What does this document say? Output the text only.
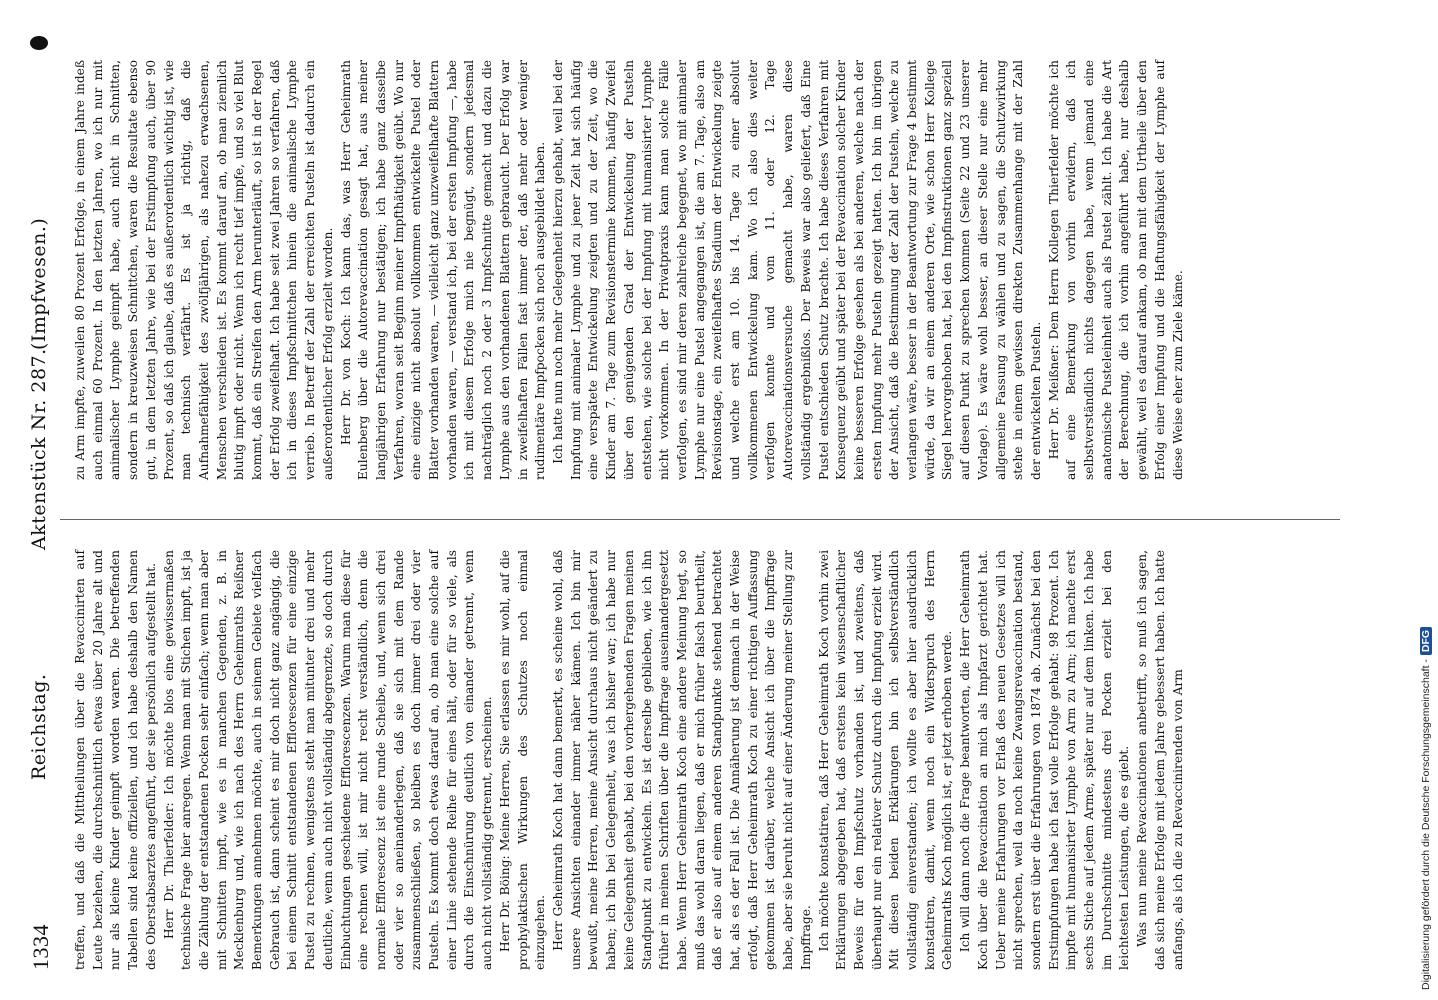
1334
Reichstag.
Aktenstück Nr. 287.
(Impfwesen.)
treffen, und daß die Mittheilungen über die Revaccinirten auf Leute beziehen, die durchschnittlich etwas über 20 Jahre alt und nur als kleine Kinder geimpft worden waren. Die betreffenden Tabellen sind keine offiziellen, und ich habe deshalb den Namen des Oberstabsarztes angeführt, der sie persönlich aufgestellt hat.
Herr Dr. Thierfelder: Ich möchte blos eine gewissermaßen technische Frage hier anregen. Wenn man mit Stichen impft, ist ja die Zählung der entstandenen Pocken sehr einfach; wenn man aber mit Schnitten impft, wie es in manchen Gegenden, z. B. in Mecklenburg und, wie ich nach des Herrn Geheimraths Reißner Bemerkungen annehmen möchte, auch in seinem Gebiete vielfach Gebrauch ist, dann scheint es mir doch nicht ganz angängig, die bei einem Schnitt entstandenen Efflorescenzen für eine einzige Pustel zu rechnen, wenigstens steht man mitunter drei und mehr deutliche, wenn auch nicht vollständig abgegrenzte, so doch durch Einbuchtungen geschiedene Efflorescenzen. Warum man diese für eine rechnen will, ist mir nicht recht verständlich, denn die normale Efflorescenz ist eine runde Scheibe, und, wenn sich drei oder vier so aneinanderlegen, daß sie sich mit dem Rande zusammenschließen, so bleiben es doch immer drei oder vier Pusteln. Es kommt doch etwas darauf an, ob man eine solche auf einer Linie stehende Reihe für eines hält, oder für so viele, als durch die Einschnürung deutlich von einander getrennt, wenn auch nicht vollständig getrennt, erscheinen.
Herr Dr. Böing: Meine Herren, Sie erlassen es mir wohl, auf die prophylaktischen Wirkungen des Schutzes noch einmal einzugehen.
Herr Geheimrath Koch hat dann bemerkt, es scheine wohl, daß unsere Ansichten einander immer näher kämen. Ich bin mir bewußt, meine Herren, meine Ansicht durchaus nicht geändert zu haben; ich bin bei Gelegenheit, was ich bisher war; ich habe nur keine Gelegenheit gehabt, bei den vorhergehenden Fragen meinen Standpunkt zu entwickeln. Es ist derselbe geblieben, wie ich ihn früher in meinen Schriften über die Impffrage auseinandergesetzt habe. Wenn Herr Geheimrath Koch eine andere Meinung hegt, so muß das wohl daran liegen, daß er mich früher falsch beurtheilt, daß er also auf einem anderen Standpunkte stehend betrachtet hat, als es der Fall ist. Die Annäherung ist demnach in der Weise erfolgt, daß Herr Geheimrath Koch zu einer richtigen Auffassung gekommen ist darüber, welche Ansicht ich über die Impffrage habe, aber sie beruht nicht auf einer Änderung meiner Stellung zur Impffrage.
Ich möchte konstatiren, daß Herr Geheimrath Koch vorhin zwei Erklärungen abgegeben hat, daß erstens kein wissenschaftlicher Beweis für den Impfschutz vorhanden ist, und zweitens, daß überhaupt nur ein relativer Schutz durch die Impfung erzielt wird. Mit diesen beiden Erklärungen bin ich selbstverständlich vollständig einverstanden; ich wollte es aber hier ausdrücklich konstatiren, damit, wenn noch ein Widerspruch des Herrn Geheimraths Koch möglich ist, er jetzt erhoben werde.
Ich will dann noch die Frage beantworten, die Herr Geheimrath Koch über die Revaccination an mich als Impfarzt gerichtet hat. Ueber meine Erfahrungen vor Erlaß des neuen Gesetzes will ich nicht sprechen, weil da noch keine Zwangsrevaccination bestand, sondern erst über die Erfahrungen von 1874 ab. Zunächst bei den Erstimpfungen habe ich fast volle Erfolge gehabt: 98 Prozent. Ich impfte mit humanisirter Lymphe von Arm zu Arm; ich machte erst sechs Stiche auf jedem Arme, später nur auf dem linken. Ich habe im Durchschnitte mindestens drei Pocken erzielt bei den leichtesten Leistungen, die es giebt.
Was nun meine Revaccinationen anbetrifft, so muß ich sagen, daß sich meine Erfolge mit jedem Jahre gebessert haben. Ich hatte anfangs, als ich die zu Revaccinirenden von Arm
zu Arm impfte, zuweilen 80 Prozent Erfolge, in einem Jahre indeß auch einmal 60 Prozent. In den letzten Jahren, wo ich nur mit animalischer Lymphe geimpft habe, auch nicht in Schnitten, sondern in kreuzweisen Schnittchen, waren die Resultate ebenso gut, in dem letzten Jahre, wie bei der Erstimpfung auch, über 90 Prozent, so daß ich glaube, daß es außerordentlich wichtig ist, wie man technisch verfährt. Es ist ja richtig, daß die Aufnahmefähigkeit des zwölfjährigen, als nahezu erwachsenen, Menschen verschieden ist. Es kommt darauf an, ob man ziemlich blutig impft oder nicht. Wenn ich recht tief impfe, und so viel Blut kommt, daß ein Streifen den Arm herunterläuft, so ist in der Regel der Erfolg zweifelhaft. Ich habe seit zwei Jahren so verfahren, daß ich in dieses Impfschnittchen hinein die animalische Lymphe verrieb. In Betreff der Zahl der erreichten Pusteln ist dadurch ein außerordentlicher Erfolg erzielt worden.
Herr Dr. von Koch: Ich kann das, was Herr Geheimrath Eulenberg über die Autorevaccination gesagt hat, aus meiner langjährigen Erfahrung nur bestätigen; ich habe ganz dasselbe Verfahren, woran seit Beginn meiner Impfthätigkeit geübt. Wo nur eine einzige nicht absolut vollkommen entwickelte Pustel oder Blatter vorhanden waren, — vielleicht ganz unzweifelhafte Blattern vorhanden waren, — verstand ich, bei der ersten Impfung —, habe ich mit diesem Erfolge mich nie begnügt, sondern jedesmal nachträglich noch 2 oder 3 Impfschnitte gemacht und dazu die Lymphe aus den vorhandenen Blattern gebraucht. Der Erfolg war in zweifelhaften Fällen fast immer der, daß mehr oder weniger rudimentäre Impfpocken sich noch ausgebildet haben.
Ich hatte nun noch mehr Gelegenheit hierzu gehabt, weil bei der Impfung mit animaler Lymphe und zu jener Zeit hat sich häufig eine verspätete Entwickelung zeigten und zu der Zeit, wo die Kinder am 7. Tage zum Revisionstermine kommen, häufig Zweifel über den genügenden Grad der Entwickelung der Pusteln entstehen, wie solche bei der Impfung mit humanisirter Lymphe nicht vorkommen. In der Privatpraxis kann man solche Fälle verfolgen, es sind mir deren zahlreiche begegnet, wo mit animaler Lymphe nur eine Pustel angegangen ist, die am 7. Tage, also am Revisionstage, ein zweifelhaftes Stadium der Entwickelung zeigte und welche erst am 10. bis 14. Tage zu einer absolut vollkommenen Entwickelung kam. Wo ich also dies weiter verfolgen konnte und vom 11. oder 12. Tage Autorevaccinationsversuche gemacht habe, waren diese vollständig ergebnißlos. Der Beweis war also geliefert, daß Eine Pustel entschieden Schutz brachte. Ich habe dieses Verfahren mit Konsequenz geübt und später bei der Revaccination solcher Kinder keine besseren Erfolge gesehen als bei anderen, welche nach der ersten Impfung mehr Pusteln gezeigt hatten. Ich bin im übrigen der Ansicht, daß die Bestimmung der Zahl der Pusteln, welche zu verlangen wäre, besser in der Beantwortung zur Frage 4 bestimmt würde, da wir an einem anderen Orte, wie schon Herr Kollege Siegel hervorgehoben hat, bei den Impfinstruktionen ganz speziell auf diesen Punkt zu sprechen kommen (Seite 22 und 23 unserer Vorlage). Es wäre wohl besser, an dieser Stelle nur eine mehr allgemeine Fassung zu wählen und zu sagen, die Schutzwirkung stehe in einem gewissen direkten Zusammenhange mit der Zahl der entwickelten Pusteln.
Herr Dr. Meißner: Dem Herrn Kollegen Thierfelder möchte ich auf eine Bemerkung von vorhin erwidern, daß ich selbstverständlich nichts dagegen habe, wenn jemand eine anatomische Pusteleinheit auch als Pustel zählt. Ich habe die Art der Berechnung, die ich vorhin angeführt habe, nur deshalb gewählt, weil es darauf ankam, ob man mit dem Urtheile über den Erfolg einer Impfung und die Haftungsfähigkeit der Lymphe auf diese Weise eher zum Ziele käme.
Digitalisierung gefördert durch die Deutsche Forschungsgemeinschaft -DFG
